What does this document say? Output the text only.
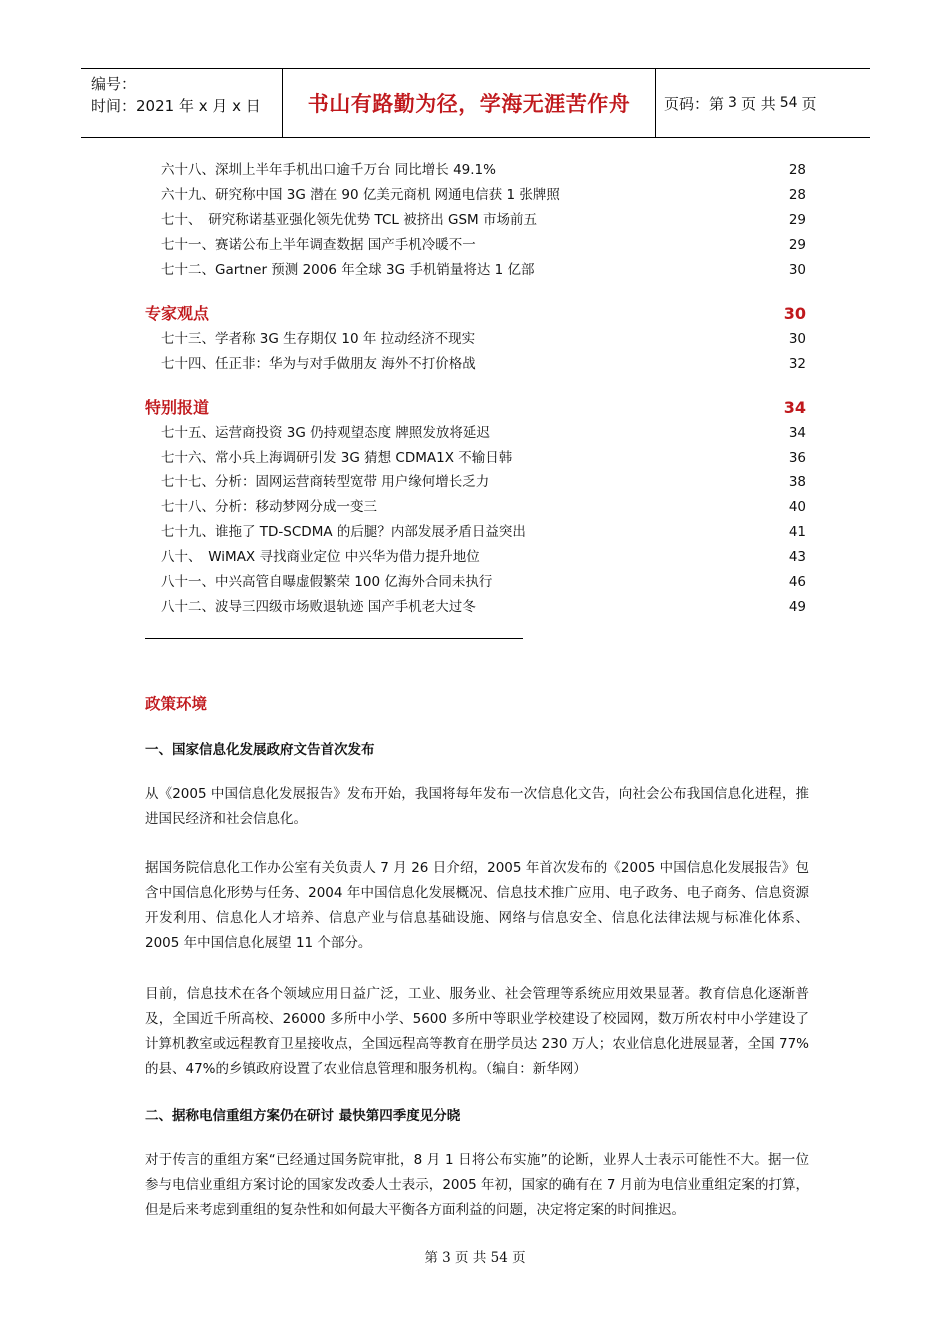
编号：
时间：2021 年 x 月 x 日	书山有路勤为径，学海无涯苦作舟	页码：第 3 页 共 54 页
六十八、深圳上半年手机出口逾千万台 同比增长 49.1%	28
六十九、研究称中国 3G 潜在 90 亿美元商机 网通电信获 1 张牌照	28
七十、　研究称诺基亚强化领先优势 TCL 被挤出 GSM 市场前五	29
七十一、赛诺公布上半年调查数据 国产手机冷暖不一	29
七十二、Gartner 预测 2006 年全球 3G 手机销量将达 1 亿部	30
专家观点	30
七十三、学者称 3G 生存期仅 10 年 拉动经济不现实	30
七十四、任正非：华为与对手做朋友 海外不打价格战	32
特别报道	34
七十五、运营商投资 3G 仍持观望态度 牌照发放将延迟	34
七十六、常小兵上海调研引发 3G 猜想 CDMA1X 不输日韩	36
七十七、分析：固网运营商转型宽带 用户缘何增长乏力	38
七十八、分析：移动梦网分成一变三	40
七十九、谁拖了 TD-SCDMA 的后腿？内部发展矛盾日益突出	41
八十、　WiMAX 寻找商业定位 中兴华为借力提升地位	43
八十一、中兴高管自曝虚假繁荣 100 亿海外合同未执行	46
八十二、波导三四级市场败退轨迹 国产手机老大过冬	49
政策环境
一、国家信息化发展政府文告首次发布
从《2005 中国信息化发展报告》发布开始，我国将每年发布一次信息化文告，向社会公布我国信息化进程，推进国民经济和社会信息化。
据国务院信息化工作办公室有关负责人 7 月 26 日介绍，2005 年首次发布的《2005 中国信息化发展报告》包含中国信息化形势与任务、2004 年中国信息化发展概况、信息技术推广应用、电子政务、电子商务、信息资源开发利用、信息化人才培养、信息产业与信息基础设施、网络与信息安全、信息化法律法规与标准化体系、2005 年中国信息化展望 11 个部分。
目前，信息技术在各个领域应用日益广泛，工业、服务业、社会管理等系统应用效果显著。教育信息化逐渐普及，全国近千所高校、26000 多所中小学、5600 多所中等职业学校建设了校园网，数万所农村中小学建设了计算机教室或远程教育卫星接收点，全国远程高等教育在册学员达 230 万人；农业信息化进展显著，全国 77%的县、47%的乡镇政府设置了农业信息管理和服务机构。（编自：新华网）
二、据称电信重组方案仍在研讨 最快第四季度见分晓
对于传言的重组方案“已经通过国务院审批，8 月 1 日将公布实施”的论断，业界人士表示可能性不大。据一位参与电信业重组方案讨论的国家发改委人士表示，2005 年初，国家的确有在 7 月前为电信业重组定案的打算，但是后来考虑到重组的复杂性和如何最大平衡各方面利益的问题，决定将定案的时间推迟。
第 3 页 共 54 页
